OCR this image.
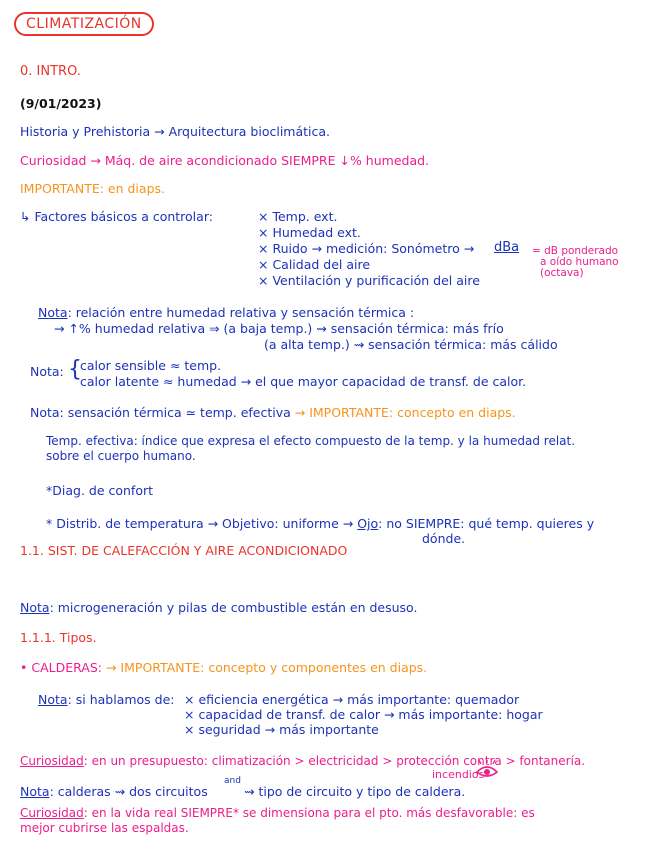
CLIMATIZACIÓN
0. INTRO.
(9/01/2023)
Historia y Prehistoria → Arquitectura bioclimática.
Curiosidad → Máq. de aire acondicionado SIEMPRE ↓% humedad.
IMPORTANTE: en diaps.
↳ Factores básicos a controlar:	× Temp. ext.
× Humedad ext.
× Ruido → medición: Sonómetro → dBa
× Calidad del aire
× Ventilación y purificación del aire
= dB ponderado
a oído humano
(octava)
Nota: relación entre humedad relativa y sensación térmica :
→ ↑% humedad relativa ⇒ (a baja temp.) ⇝ sensación térmica: más frío
(a alta temp.) ⇝ sensación térmica: más cálido
Nota: {
calor sensible ≈ temp.
calor latente ≈ humedad → el que mayor capacidad de transf. de calor.
Nota: sensación térmica ≃ temp. efectiva → IMPORTANTE: concepto en diaps.
Temp. efectiva: índice que expresa el efecto compuesto de la temp. y la humedad relat.
sobre el cuerpo humano.
*Diag. de confort
* Distrib. de temperatura → Objetivo: uniforme → Ojo: no SIEMPRE: qué temp. quieres y
dónde.
1.1. SIST. DE CALEFACCIÓN Y AIRE ACONDICIONADO
Nota: microgeneración y pilas de combustible están en desuso.
1.1.1. Tipos.
• CALDERAS: → IMPORTANTE: concepto y componentes en diaps.
Nota: si hablamos de: × eficiencia energética → más importante: quemador
× capacidad de transf. de calor → más importante: hogar
× seguridad → más importante
Curiosidad: en un presupuesto: climatización > electricidad > protección contra > fontanería.
incendios
Nota: calderas ⇝ dos circuitos
and
⇝ tipo de circuito y tipo de caldera.
Curiosidad: en la vida real SIEMPRE* se dimensiona para el pto. más desfavorable: es
mejor cubrirse las espaldas.
